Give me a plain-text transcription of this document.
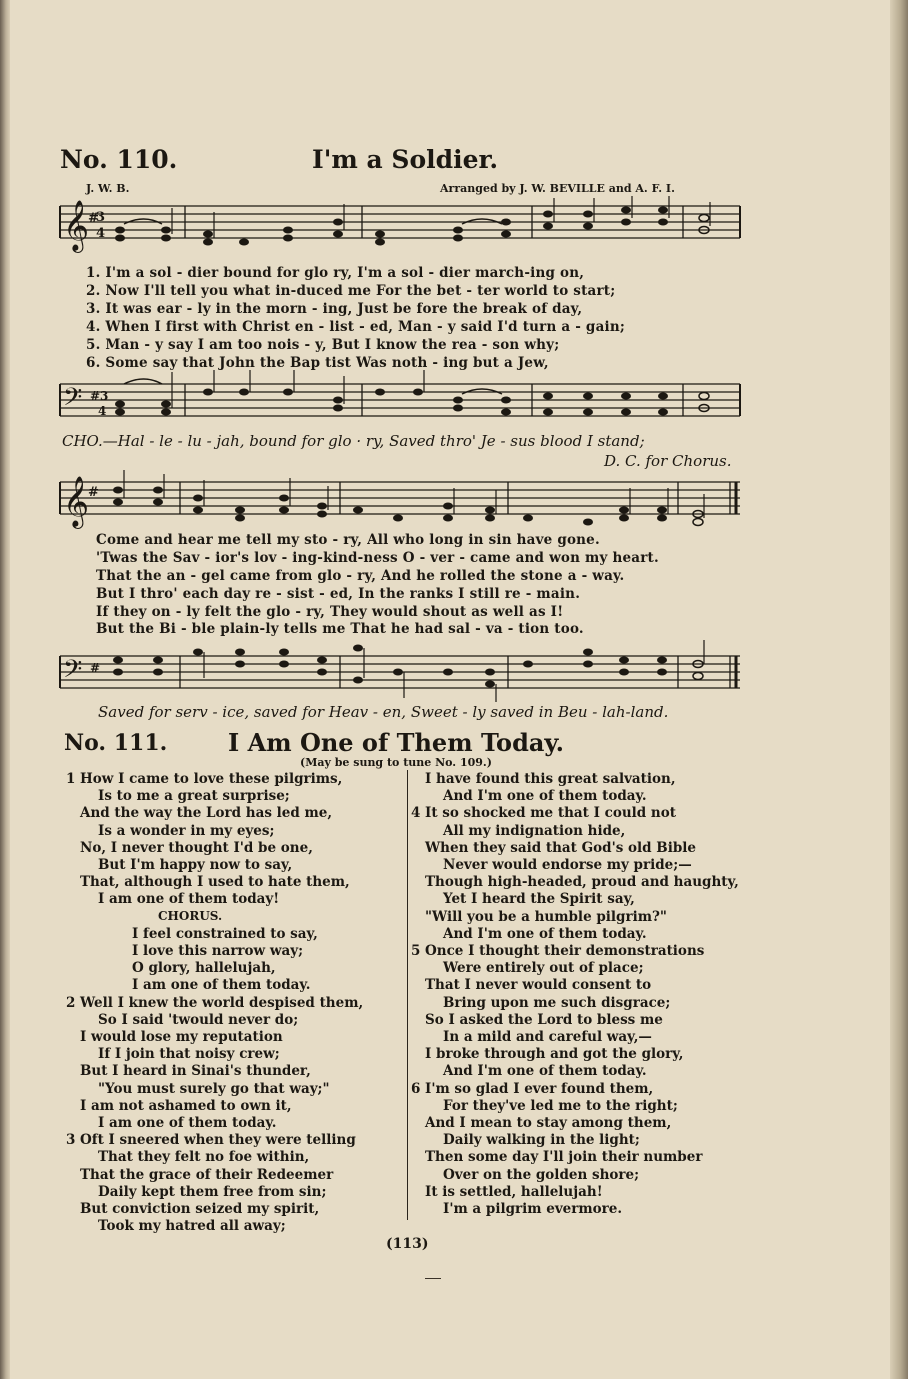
No. 110.	I'm a Soldier.
J. W. B.	Arranged by J. W. BEVILLE and A. F. I.
𝄞
#
3
4
1. I'm a sol - dier bound for glo ry, I'm a sol - dier march-ing on,
2. Now I'll tell you what in-duced me For the bet - ter world to start;
3. It was ear - ly in the morn - ing, Just be fore the break of day,
4. When I first with Christ en - list - ed, Man - y said I'd turn a - gain;
5. Man - y say I am too nois - y, But I know the rea - son why;
6. Some say that John the Bap tist Was noth - ing but a Jew,
𝄢 #3
4
CHO.—Hal - le - lu - jah, bound for glo · ry, Saved thro' Je - sus blood I stand;
D. C. for Chorus.
𝄞
#
Come and hear me tell my sto - ry, All who long in sin have gone.
'Twas the Sav - ior's lov - ing-kind-ness O - ver - came and won my heart.
That the an - gel came from glo - ry, And he rolled the stone a - way.
But I thro' each day re - sist - ed, In the ranks I still re - main.
If they on - ly felt the glo - ry, They would shout as well as I!
But the Bi - ble plain-ly tells me That he had sal - va - tion too.
𝄢 #
Saved for serv - ice, saved for Heav - en, Sweet - ly saved in Beu - lah-land.
No. 111.	I Am One of Them Today.
(May be sung to tune No. 109.)
1 How I came to love these pilgrims,
Is to me a great surprise;
And the way the Lord has led me,
Is a wonder in my eyes;
No, I never thought I'd be one,
But I'm happy now to say,
That, although I used to hate them,
I am one of them today!
CHORUS.
I feel constrained to say,
I love this narrow way;
O glory, hallelujah,
I am one of them today.
2 Well I knew the world despised them,
So I said 'twould never do;
I would lose my reputation
If I join that noisy crew;
But I heard in Sinai's thunder,
"You must surely go that way;"
I am not ashamed to own it,
I am one of them today.
3 Oft I sneered when they were telling
That they felt no foe within,
That the grace of their Redeemer
Daily kept them free from sin;
But conviction seized my spirit,
Took my hatred all away;
I have found this great salvation,
And I'm one of them today.
4 It so shocked me that I could not
All my indignation hide,
When they said that God's old Bible
Never would endorse my pride;—
Though high-headed, proud and haughty,
Yet I heard the Spirit say,
"Will you be a humble pilgrim?"
And I'm one of them today.
5 Once I thought their demonstrations
Were entirely out of place;
That I never would consent to
Bring upon me such disgrace;
So I asked the Lord to bless me
In a mild and careful way,—
I broke through and got the glory,
And I'm one of them today.
6 I'm so glad I ever found them,
For they've led me to the right;
And I mean to stay among them,
Daily walking in the light;
Then some day I'll join their number
Over on the golden shore;
It is settled, hallelujah!
I'm a pilgrim evermore.
(113)
